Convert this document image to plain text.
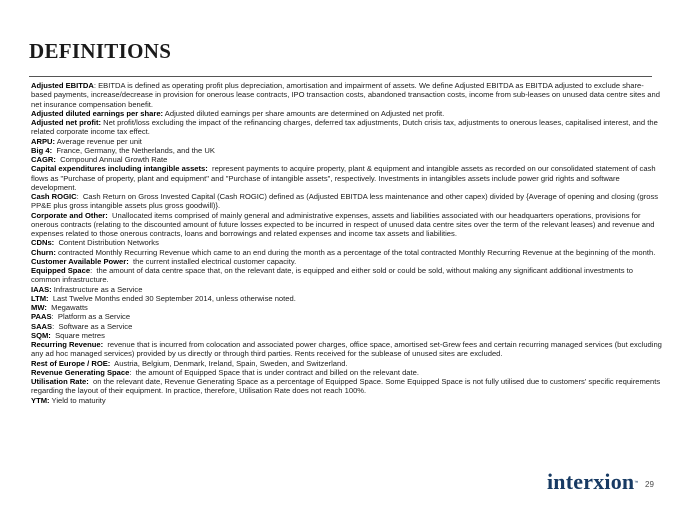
DEFINITIONS

Adjusted EBITDA: EBITDA is defined as operating profit plus depreciation, amortisation and impairment of assets. We define Adjusted EBITDA as EBITDA adjusted to exclude share-based payments, increase/decrease in provision for onerous lease contracts, IPO transaction costs, abandoned transaction costs, income from sub-leases on unused data centre sites and net insurance compensation benefit.

Adjusted diluted earnings per share: Adjusted diluted earnings per share amounts are determined on Adjusted net profit.

Adjusted net profit: Net profit/loss excluding the impact of the refinancing charges, deferred tax adjustments, Dutch crisis tax, adjustments to onerous leases, capitalised interest, and the related corporate income tax effect.

ARPU: Average revenue per unit

Big 4: France, Germany, the Netherlands, and the UK

CAGR: Compound Annual Growth Rate

Capital expenditures including intangible assets: represent payments to acquire property, plant & equipment and intangible assets as recorded on our consolidated statement of cash flows as "Purchase of property, plant and equipment" and "Purchase of intangible assets", respectively. Investments in intangibles assets include power grid rights and software development.

Cash ROGIC:  Cash Return on Gross Invested Capital (Cash ROGIC) defined as (Adjusted EBITDA less maintenance and other capex) divided by {Average of opening and closing (gross PP&E plus gross intangible assets plus gross goodwill)}.

Corporate and Other: Unallocated items comprised of mainly general and administrative expenses, assets and liabilities associated with our headquarters operations, provisions for onerous contracts (relating to the discounted amount of future losses expected to be incurred in respect of unused data centre sites over the term of the relevant leases) and revenue and expenses related to those onerous contracts, loans and borrowings and related expenses and income tax assets and liabilities.

CDNs: Content Distribution Networks

Churn: contracted Monthly Recurring Revenue which came to an end during the month as a percentage of the total contracted Monthly Recurring Revenue at the beginning of the month.

Customer Available Power: the current installed electrical customer capacity.

Equipped Space:  the amount of data centre space that, on the relevant date, is equipped and either sold or could be sold, without making any significant additional investments to common infrastructure.

IAAS: Infrastructure as a Service

LTM: Last Twelve Months ended 30 September 2014, unless otherwise noted.

MW: Megawatts

PAAS:  Platform as a Service

SAAS:  Software as a Service

SQM: Square metres

Recurring Revenue: revenue that is incurred from colocation and associated power charges, office space, amortised set-Grew fees and certain recurring managed services (but excluding any ad hoc managed services) provided by us directly or through third parties. Rents received for the sublease of unused sites are excluded.

Rest of Europe / ROE: Austria, Belgium, Denmark, Ireland, Spain, Sweden, and Switzerland.

Revenue Generating Space:  the amount of Equipped Space that is under contract and billed on the relevant date.

Utilisation Rate: on the relevant date, Revenue Generating Space as a percentage of Equipped Space. Some Equipped Space is not fully utilised due to customers' specific requirements regarding the layout of their equipment. In practice, therefore, Utilisation Rate does not reach 100%.

YTM: Yield to maturity

interxion ™ 29
